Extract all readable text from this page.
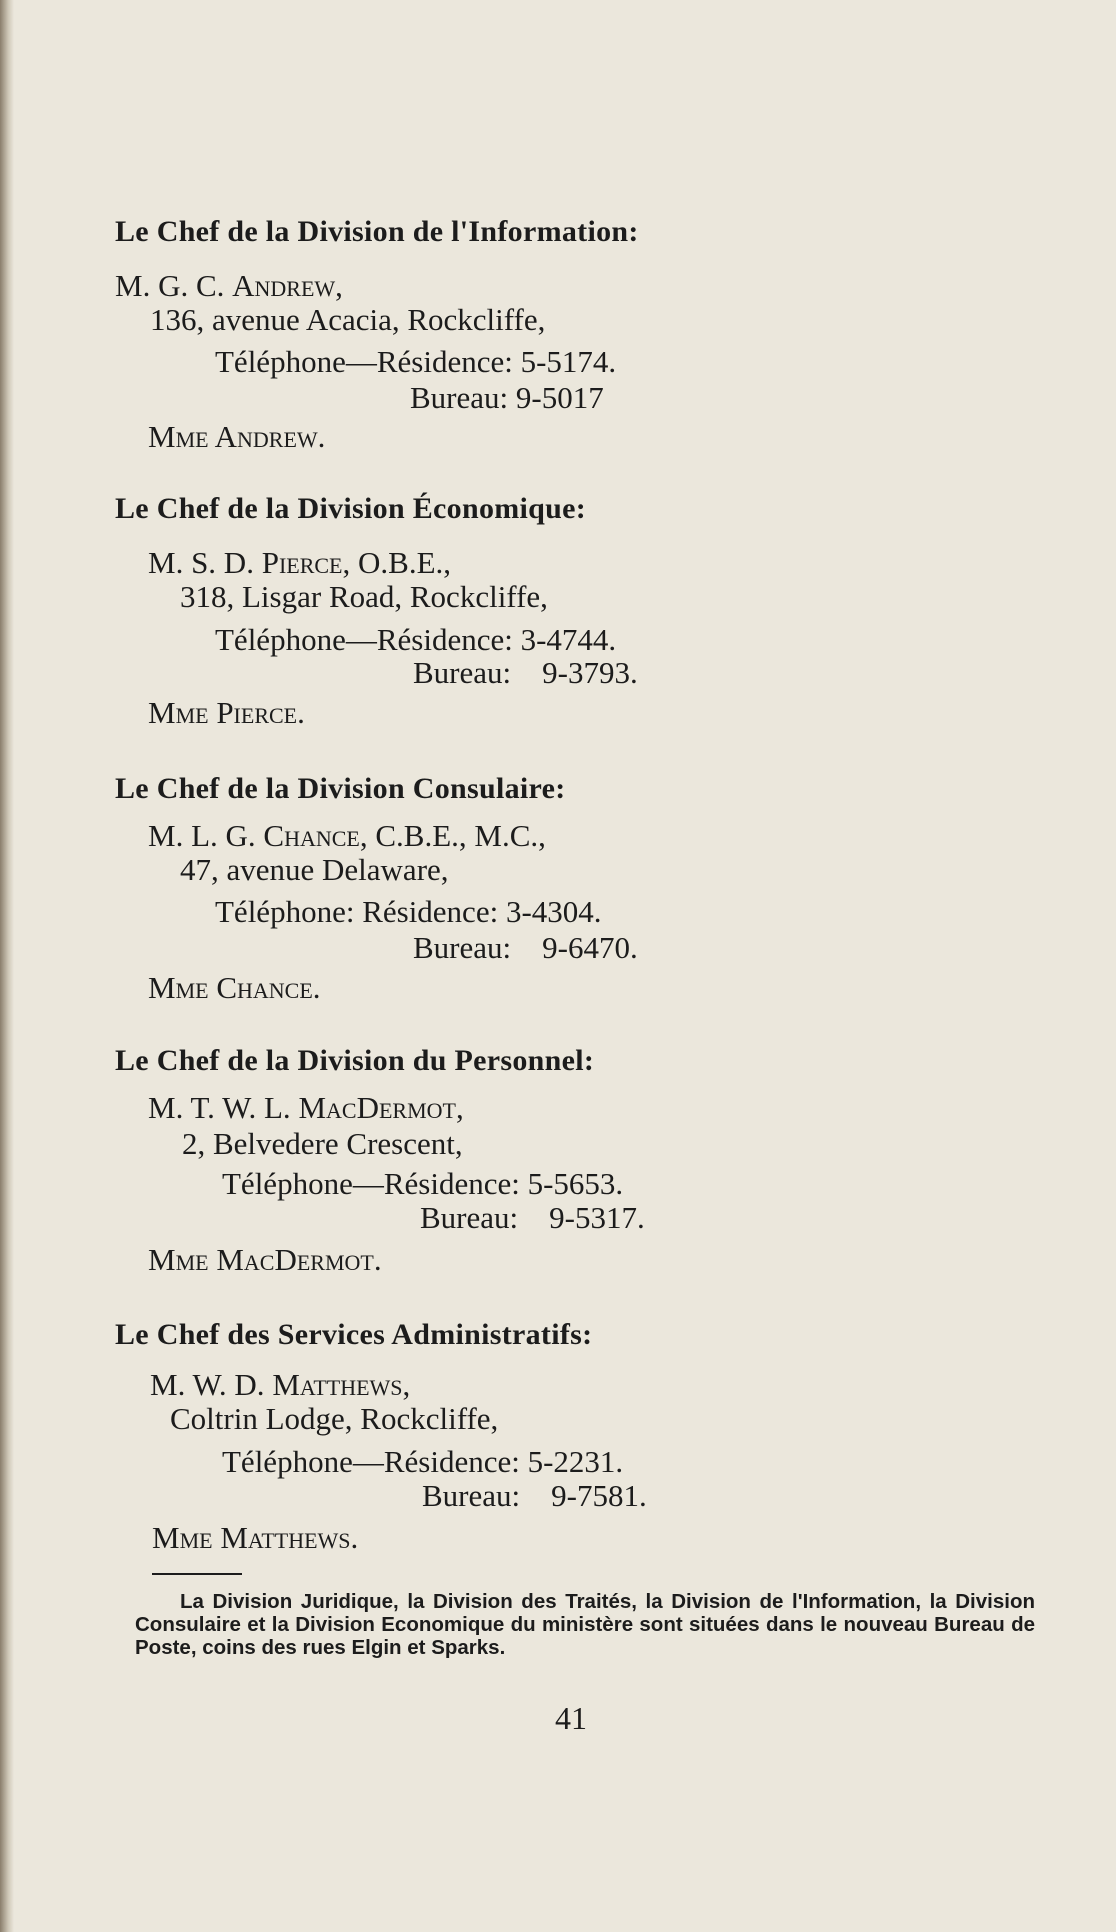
Le Chef de la Division de l'Information:
M. G. C. Andrew,
136, avenue Acacia, Rockcliffe,
Téléphone—Résidence: 5-5174.
Bureau: 9-5017
Mme Andrew.
Le Chef de la Division Économique:
M. S. D. Pierce, O.B.E.,
318, Lisgar Road, Rockcliffe,
Téléphone—Résidence: 3-4744.
Bureau: 9-3793.
Mme Pierce.
Le Chef de la Division Consulaire:
M. L. G. Chance, C.B.E., M.C.,
47, avenue Delaware,
Téléphone: Résidence: 3-4304.
Bureau: 9-6470.
Mme Chance.
Le Chef de la Division du Personnel:
M. T. W. L. MacDermot,
2, Belvedere Crescent,
Téléphone—Résidence: 5-5653.
Bureau: 9-5317.
Mme MacDermot.
Le Chef des Services Administratifs:
M. W. D. Matthews,
Coltrin Lodge, Rockcliffe,
Téléphone—Résidence: 5-2231.
Bureau: 9-7581.
Mme Matthews.
La Division Juridique, la Division des Traités, la Division de l'Information, la Division Consulaire et la Division Economique du ministère sont situées dans le nouveau Bureau de Poste, coins des rues Elgin et Sparks.
41
